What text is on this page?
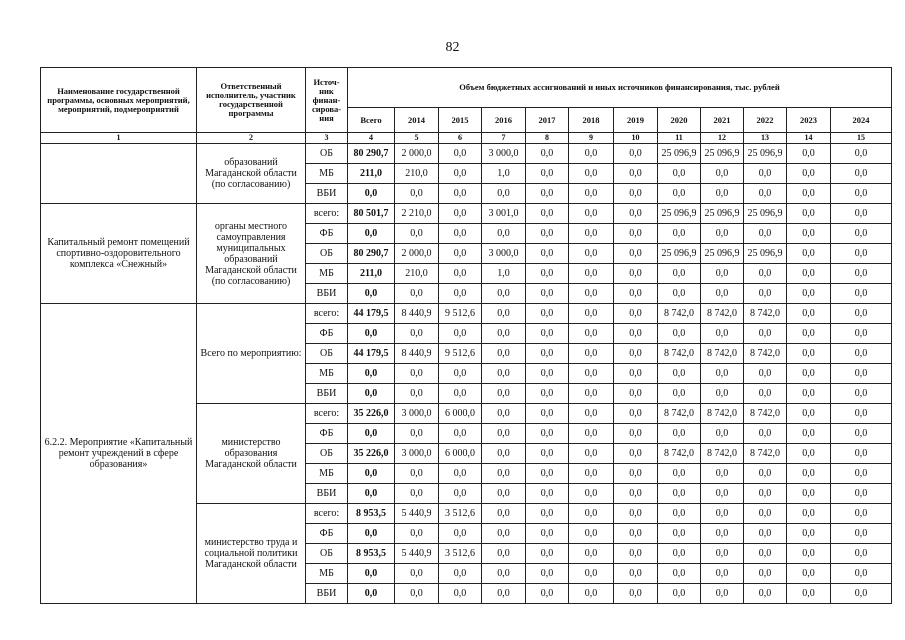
82
Наименование государственной программы, основных мероприятий, мероприятий, подмероприятий	Ответственный исполнитель, участник государственной программы	Источ-ник финан-сирова-ния	Объем бюджетных ассигнований и иных источников финансирования, тыс. рублей											
			Всего	2014	2015	2016	2017	2018	2019	2020	2021	2022	2023	2024
1	2	3	4	5	6	7	8	9	10	11	12	13	14	15
	образований Магаданской области (по согласованию)	ОБ	80 290,7	2 000,0	0,0	3 000,0	0,0	0,0	0,0	25 096,9	25 096,9	25 096,9	0,0	0,0
		МБ	211,0	210,0	0,0	1,0	0,0	0,0	0,0	0,0	0,0	0,0	0,0	0,0
		ВБИ	0,0	0,0	0,0	0,0	0,0	0,0	0,0	0,0	0,0	0,0	0,0	0,0
Капитальный ремонт помещений спортивно-оздоровительного комплекса «Снежный»	органы местного самоуправления муниципальных образований Магаданской области (по согласованию)	всего:	80 501,7	2 210,0	0,0	3 001,0	0,0	0,0	0,0	25 096,9	25 096,9	25 096,9	0,0	0,0
		ФБ	0,0	0,0	0,0	0,0	0,0	0,0	0,0	0,0	0,0	0,0	0,0	0,0
		ОБ	80 290,7	2 000,0	0,0	3 000,0	0,0	0,0	0,0	25 096,9	25 096,9	25 096,9	0,0	0,0
		МБ	211,0	210,0	0,0	1,0	0,0	0,0	0,0	0,0	0,0	0,0	0,0	0,0
		ВБИ	0,0	0,0	0,0	0,0	0,0	0,0	0,0	0,0	0,0	0,0	0,0	0,0
6.2.2. Мероприятие «Капитальный ремонт учреждений в сфере образования»	Всего по мероприятию:	всего:	44 179,5	8 440,9	9 512,6	0,0	0,0	0,0	0,0	8 742,0	8 742,0	8 742,0	0,0	0,0
		ФБ	0,0	0,0	0,0	0,0	0,0	0,0	0,0	0,0	0,0	0,0	0,0	0,0
		ОБ	44 179,5	8 440,9	9 512,6	0,0	0,0	0,0	0,0	8 742,0	8 742,0	8 742,0	0,0	0,0
		МБ	0,0	0,0	0,0	0,0	0,0	0,0	0,0	0,0	0,0	0,0	0,0	0,0
		ВБИ	0,0	0,0	0,0	0,0	0,0	0,0	0,0	0,0	0,0	0,0	0,0	0,0
	министерство образования Магаданской области	всего:	35 226,0	3 000,0	6 000,0	0,0	0,0	0,0	0,0	8 742,0	8 742,0	8 742,0	0,0	0,0
		ФБ	0,0	0,0	0,0	0,0	0,0	0,0	0,0	0,0	0,0	0,0	0,0	0,0
		ОБ	35 226,0	3 000,0	6 000,0	0,0	0,0	0,0	0,0	8 742,0	8 742,0	8 742,0	0,0	0,0
		МБ	0,0	0,0	0,0	0,0	0,0	0,0	0,0	0,0	0,0	0,0	0,0	0,0
		ВБИ	0,0	0,0	0,0	0,0	0,0	0,0	0,0	0,0	0,0	0,0	0,0	0,0
	министерство труда и социальной политики Магаданской области	всего:	8 953,5	5 440,9	3 512,6	0,0	0,0	0,0	0,0	0,0	0,0	0,0	0,0	0,0
		ФБ	0,0	0,0	0,0	0,0	0,0	0,0	0,0	0,0	0,0	0,0	0,0	0,0
		ОБ	8 953,5	5 440,9	3 512,6	0,0	0,0	0,0	0,0	0,0	0,0	0,0	0,0	0,0
		МБ	0,0	0,0	0,0	0,0	0,0	0,0	0,0	0,0	0,0	0,0	0,0	0,0
		ВБИ	0,0	0,0	0,0	0,0	0,0	0,0	0,0	0,0	0,0	0,0	0,0	0,0
